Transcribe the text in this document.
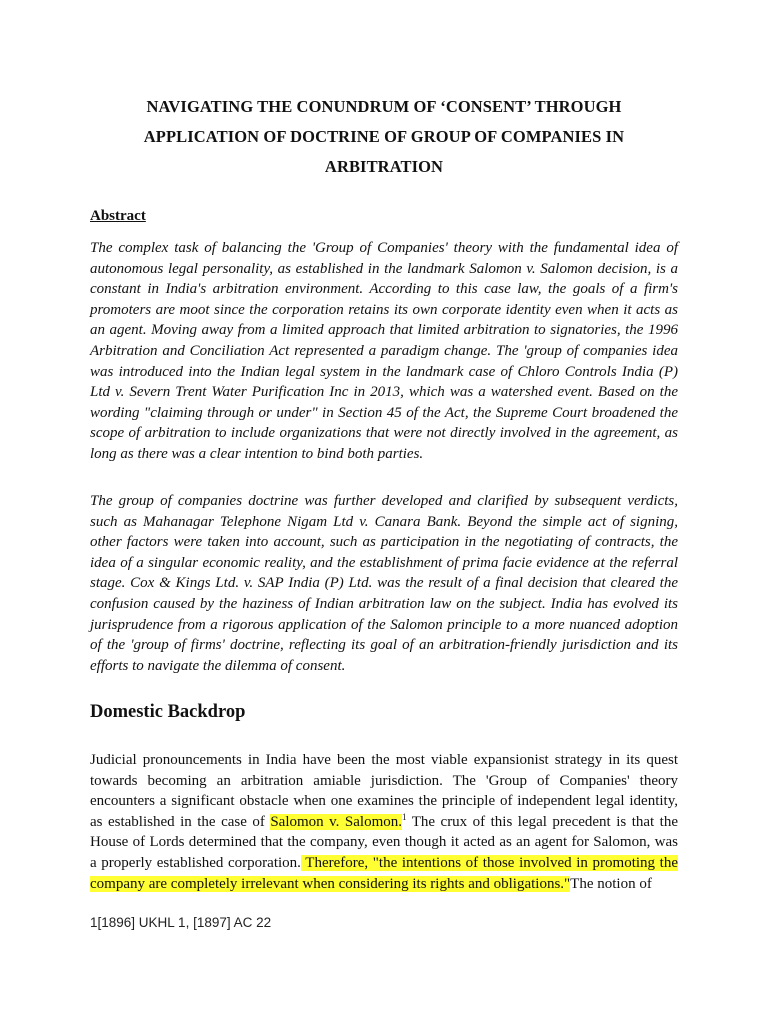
NAVIGATING THE CONUNDRUM OF ‘CONSENT’ THROUGH
APPLICATION OF DOCTRINE OF GROUP OF COMPANIES IN
ARBITRATION
Abstract
The complex task of balancing the 'Group of Companies' theory with the fundamental idea of autonomous legal personality, as established in the landmark Salomon v. Salomon decision, is a constant in India's arbitration environment. According to this case law, the goals of a firm's promoters are moot since the corporation retains its own corporate identity even when it acts as an agent. Moving away from a limited approach that limited arbitration to signatories, the 1996 Arbitration and Conciliation Act represented a paradigm change. The 'group of companies idea was introduced into the Indian legal system in the landmark case of Chloro Controls India (P) Ltd v. Severn Trent Water Purification Inc in 2013, which was a watershed event. Based on the wording "claiming through or under" in Section 45 of the Act, the Supreme Court broadened the scope of arbitration to include organizations that were not directly involved in the agreement, as long as there was a clear intention to bind both parties.
The group of companies doctrine was further developed and clarified by subsequent verdicts, such as Mahanagar Telephone Nigam Ltd v. Canara Bank. Beyond the simple act of signing, other factors were taken into account, such as participation in the negotiating of contracts, the idea of a singular economic reality, and the establishment of prima facie evidence at the referral stage. Cox & Kings Ltd. v. SAP India (P) Ltd. was the result of a final decision that cleared the confusion caused by the haziness of Indian arbitration law on the subject. India has evolved its jurisprudence from a rigorous application of the Salomon principle to a more nuanced adoption of the 'group of firms' doctrine, reflecting its goal of an arbitration-friendly jurisdiction and its efforts to navigate the dilemma of consent.
Domestic Backdrop
Judicial pronouncements in India have been the most viable expansionist strategy in its quest towards becoming an arbitration amiable jurisdiction. The 'Group of Companies' theory encounters a significant obstacle when one examines the principle of independent legal identity, as established in the case of Salomon v. Salomon.$^1$ The crux of this legal precedent is that the House of Lords determined that the company, even though it acted as an agent for Salomon, was a properly established corporation. Therefore, "the intentions of those involved in promoting the company are completely irrelevant when considering its rights and obligations."The notion of
1[1896] UKHL 1, [1897] AC 22
